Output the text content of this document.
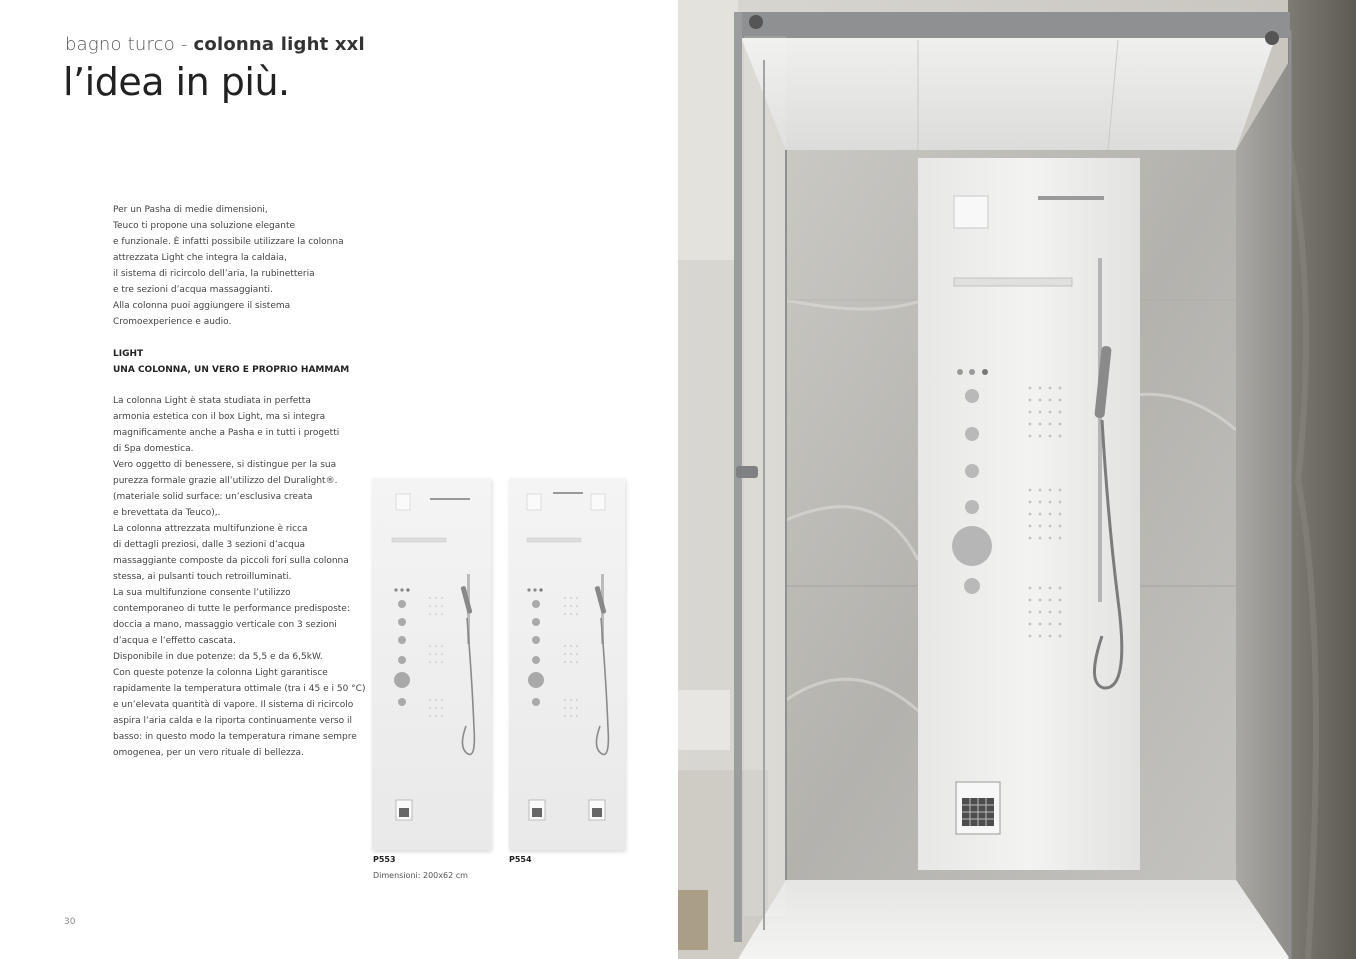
bagno turco - colonna light xxl
l’idea in più.

Per un Pasha di medie dimensioni,

Teuco ti propone una soluzione elegante

e funzionale. È infatti possibile utilizzare la colonna

attrezzata Light che integra la caldaia,

il sistema di ricircolo dell’aria, la rubinetteria

e tre sezioni d’acqua massaggianti.

Alla colonna puoi aggiungere il sistema

Cromoexperience e audio.

LIGHT
UNA COLONNA, UN VERO E PROPRIO HAMMAM

La colonna Light è stata studiata in perfetta

armonia estetica con il box Light, ma si integra

magnificamente anche a Pasha e in tutti i progetti

di Spa domestica.

Vero oggetto di benessere, si distingue per la sua

purezza formale grazie all’utilizzo del Duralight®.

(materiale solid surface: un’esclusiva creata

e brevettata da Teuco),.

La colonna attrezzata multifunzione è ricca

di dettagli preziosi, dalle 3 sezioni d’acqua

massaggiante composte da piccoli fori sulla colonna

stessa, ai pulsanti touch retroilluminati.

La sua multifunzione consente l’utilizzo

contemporaneo di tutte le performance predisposte:

doccia a mano, massaggio verticale con 3 sezioni

d’acqua e l’effetto cascata.

Disponibile in due potenze: da 5,5 e da 6,5kW.

Con queste potenze la colonna Light garantisce

rapidamente la temperatura ottimale (tra i 45 e i 50 °C)

e un’elevata quantità di vapore. Il sistema di ricircolo

aspira l’aria calda e la riporta continuamente verso il

basso: in questo modo la temperatura rimane sempre

omogenea, per un vero rituale di bellezza.

P553	P554
Dimensioni: 200x62 cm
30
